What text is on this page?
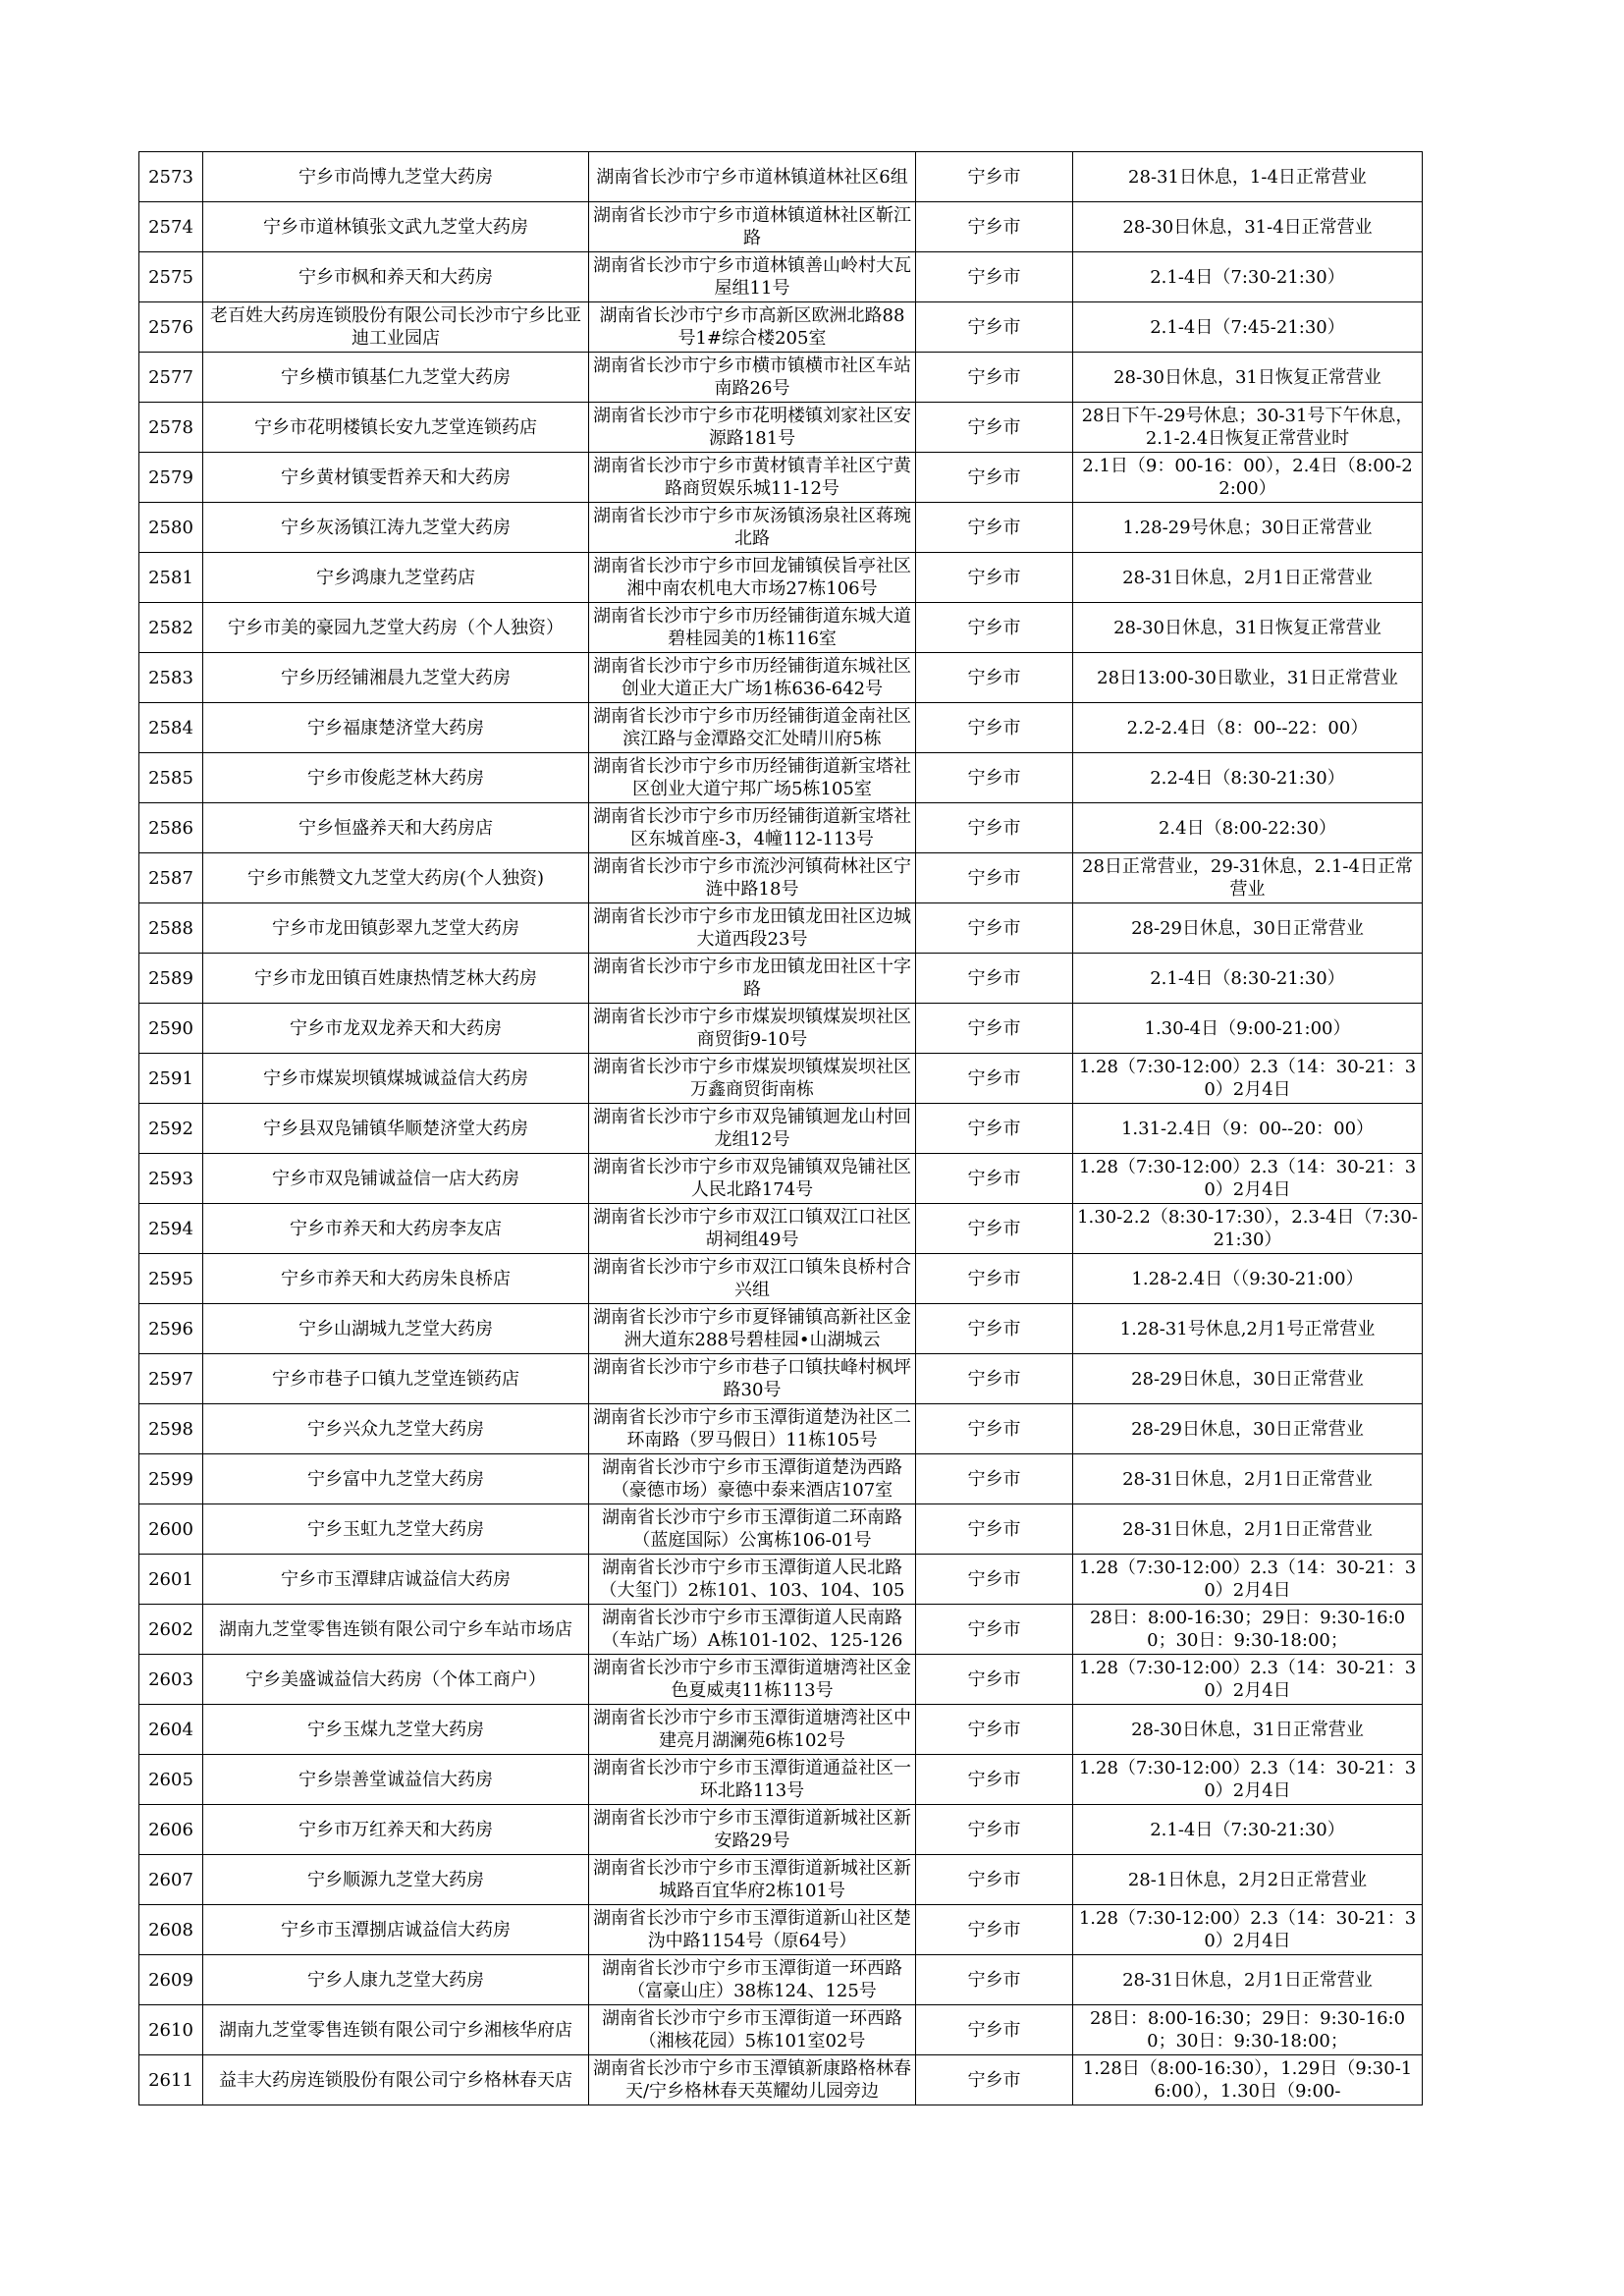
2573	宁乡市尚博九芝堂大药房	湖南省长沙市宁乡市道林镇道林社区6组	宁乡市	28-31日休息，1-4日正常营业
2574	宁乡市道林镇张文武九芝堂大药房	湖南省长沙市宁乡市道林镇道林社区靳江路	宁乡市	28-30日休息，31-4日正常营业
2575	宁乡市枫和养天和大药房	湖南省长沙市宁乡市道林镇善山岭村大瓦屋组11号	宁乡市	2.1-4日（7:30-21:30）
2576	老百姓大药房连锁股份有限公司长沙市宁乡比亚迪工业园店	湖南省长沙市宁乡市高新区欧洲北路88号1#综合楼205室	宁乡市	2.1-4日（7:45-21:30）
2577	宁乡横市镇基仁九芝堂大药房	湖南省长沙市宁乡市横市镇横市社区车站南路26号	宁乡市	28-30日休息，31日恢复正常营业
2578	宁乡市花明楼镇长安九芝堂连锁药店	湖南省长沙市宁乡市花明楼镇刘家社区安源路181号	宁乡市	28日下午-29号休息；30-31号下午休息，2.1-2.4日恢复正常营业时
2579	宁乡黄材镇雯哲养天和大药房	湖南省长沙市宁乡市黄材镇青羊社区宁黄路商贸娱乐城11-12号	宁乡市	2.1日（9：00-16：00），2.4日（8:00-22:00）
2580	宁乡灰汤镇江涛九芝堂大药房	湖南省长沙市宁乡市灰汤镇汤泉社区蒋琬北路	宁乡市	1.28-29号休息；30日正常营业
2581	宁乡鸿康九芝堂药店	湖南省长沙市宁乡市回龙铺镇侯旨亭社区湘中南农机电大市场27栋106号	宁乡市	28-31日休息，2月1日正常营业
2582	宁乡市美的豪园九芝堂大药房（个人独资）	湖南省长沙市宁乡市历经铺街道东城大道碧桂园美的1栋116室	宁乡市	28-30日休息，31日恢复正常营业
2583	宁乡历经铺湘晨九芝堂大药房	湖南省长沙市宁乡市历经铺街道东城社区创业大道正大广场1栋636-642号	宁乡市	28日13:00-30日歇业，31日正常营业
2584	宁乡福康楚济堂大药房	湖南省长沙市宁乡市历经铺街道金南社区滨江路与金潭路交汇处晴川府5栋	宁乡市	2.2-2.4日（8：00--22：00）
2585	宁乡市俊彪芝林大药房	湖南省长沙市宁乡市历经铺街道新宝塔社区创业大道宁邦广场5栋105室	宁乡市	2.2-4日（8:30-21:30）
2586	宁乡恒盛养天和大药房店	湖南省长沙市宁乡市历经铺街道新宝塔社区东城首座-3，4幢112-113号	宁乡市	2.4日（8:00-22:30）
2587	宁乡市熊赞文九芝堂大药房(个人独资)	湖南省长沙市宁乡市流沙河镇荷林社区宁涟中路18号	宁乡市	28日正常营业，29-31休息，2.1-4日正常营业
2588	宁乡市龙田镇彭翠九芝堂大药房	湖南省长沙市宁乡市龙田镇龙田社区边城大道西段23号	宁乡市	28-29日休息，30日正常营业
2589	宁乡市龙田镇百姓康热情芝林大药房	湖南省长沙市宁乡市龙田镇龙田社区十字路	宁乡市	2.1-4日（8:30-21:30）
2590	宁乡市龙双龙养天和大药房	湖南省长沙市宁乡市煤炭坝镇煤炭坝社区商贸街9-10号	宁乡市	1.30-4日（9:00-21:00）
2591	宁乡市煤炭坝镇煤城诚益信大药房	湖南省长沙市宁乡市煤炭坝镇煤炭坝社区万鑫商贸街南栋	宁乡市	1.28（7:30-12:00）2.3（14：30-21：30）2月4日
2592	宁乡县双凫铺镇华顺楚济堂大药房	湖南省长沙市宁乡市双凫铺镇迴龙山村回龙组12号	宁乡市	1.31-2.4日（9：00--20：00）
2593	宁乡市双凫铺诚益信一店大药房	湖南省长沙市宁乡市双凫铺镇双凫铺社区人民北路174号	宁乡市	1.28（7:30-12:00）2.3（14：30-21：30）2月4日
2594	宁乡市养天和大药房李友店	湖南省长沙市宁乡市双江口镇双江口社区胡祠组49号	宁乡市	1.30-2.2（8:30-17:30），2.3-4日（7:30-21:30）
2595	宁乡市养天和大药房朱良桥店	湖南省长沙市宁乡市双江口镇朱良桥村合兴组	宁乡市	1.28-2.4日（（9:30-21:00）
2596	宁乡山湖城九芝堂大药房	湖南省长沙市宁乡市夏铎铺镇高新社区金洲大道东288号碧桂园•山湖城云	宁乡市	1.28-31号休息,2月1号正常营业
2597	宁乡市巷子口镇九芝堂连锁药店	湖南省长沙市宁乡市巷子口镇扶峰村枫坪路30号	宁乡市	28-29日休息，30日正常营业
2598	宁乡兴众九芝堂大药房	湖南省长沙市宁乡市玉潭街道楚沩社区二环南路（罗马假日）11栋105号	宁乡市	28-29日休息，30日正常营业
2599	宁乡富中九芝堂大药房	湖南省长沙市宁乡市玉潭街道楚沩西路（豪德市场）豪德中泰来酒店107室	宁乡市	28-31日休息，2月1日正常营业
2600	宁乡玉虹九芝堂大药房	湖南省长沙市宁乡市玉潭街道二环南路（蓝庭国际）公寓栋106-01号	宁乡市	28-31日休息，2月1日正常营业
2601	宁乡市玉潭肆店诚益信大药房	湖南省长沙市宁乡市玉潭街道人民北路（大玺门）2栋101、103、104、105	宁乡市	1.28（7:30-12:00）2.3（14：30-21：30）2月4日
2602	湖南九芝堂零售连锁有限公司宁乡车站市场店	湖南省长沙市宁乡市玉潭街道人民南路（车站广场）A栋101-102、125-126	宁乡市	28日：8:00-16:30；29日：9:30-16:00；30日：9:30-18:00；
2603	宁乡美盛诚益信大药房（个体工商户）	湖南省长沙市宁乡市玉潭街道塘湾社区金色夏威夷11栋113号	宁乡市	1.28（7:30-12:00）2.3（14：30-21：30）2月4日
2604	宁乡玉煤九芝堂大药房	湖南省长沙市宁乡市玉潭街道塘湾社区中建亮月湖澜苑6栋102号	宁乡市	28-30日休息，31日正常营业
2605	宁乡崇善堂诚益信大药房	湖南省长沙市宁乡市玉潭街道通益社区一环北路113号	宁乡市	1.28（7:30-12:00）2.3（14：30-21：30）2月4日
2606	宁乡市万红养天和大药房	湖南省长沙市宁乡市玉潭街道新城社区新安路29号	宁乡市	2.1-4日（7:30-21:30）
2607	宁乡顺源九芝堂大药房	湖南省长沙市宁乡市玉潭街道新城社区新城路百宜华府2栋101号	宁乡市	28-1日休息，2月2日正常营业
2608	宁乡市玉潭捌店诚益信大药房	湖南省长沙市宁乡市玉潭街道新山社区楚沩中路1154号（原64号）	宁乡市	1.28（7:30-12:00）2.3（14：30-21：30）2月4日
2609	宁乡人康九芝堂大药房	湖南省长沙市宁乡市玉潭街道一环西路（富豪山庄）38栋124、125号	宁乡市	28-31日休息，2月1日正常营业
2610	湖南九芝堂零售连锁有限公司宁乡湘核华府店	湖南省长沙市宁乡市玉潭街道一环西路（湘核花园）5栋101室02号	宁乡市	28日：8:00-16:30；29日：9:30-16:00；30日：9:30-18:00；
2611	益丰大药房连锁股份有限公司宁乡格林春天店	湖南省长沙市宁乡市玉潭镇新康路格林春天/宁乡格林春天英耀幼儿园旁边	宁乡市	1.28日（8:00-16:30），1.29日（9:30-16:00），1.30日（9:00-
